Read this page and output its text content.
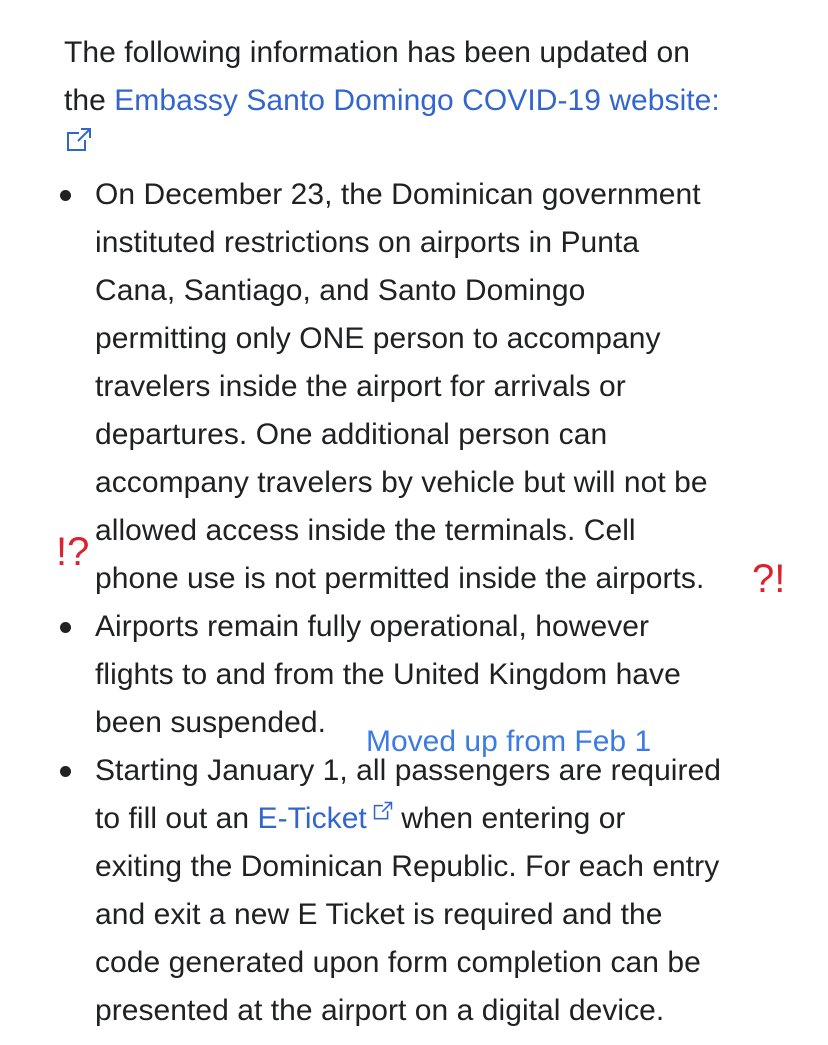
The following information has been updated on
the Embassy Santo Domingo COVID-19 website:
On December 23, the Dominican government
instituted restrictions on airports in Punta
Cana, Santiago, and Santo Domingo
permitting only ONE person to accompany
travelers inside the airport for arrivals or
departures. One additional person can
accompany travelers by vehicle but will not be
allowed access inside the terminals. Cell
phone use is not permitted inside the airports.
Airports remain fully operational, however
flights to and from the United Kingdom have
been suspended.
Starting January 1, all passengers are required
to fill out an E-Ticket when entering or
exiting the Dominican Republic. For each entry
and exit a new E Ticket is required and the
code generated upon form completion can be
presented at the airport on a digital device.
!?
?!
Moved up from Feb 1
